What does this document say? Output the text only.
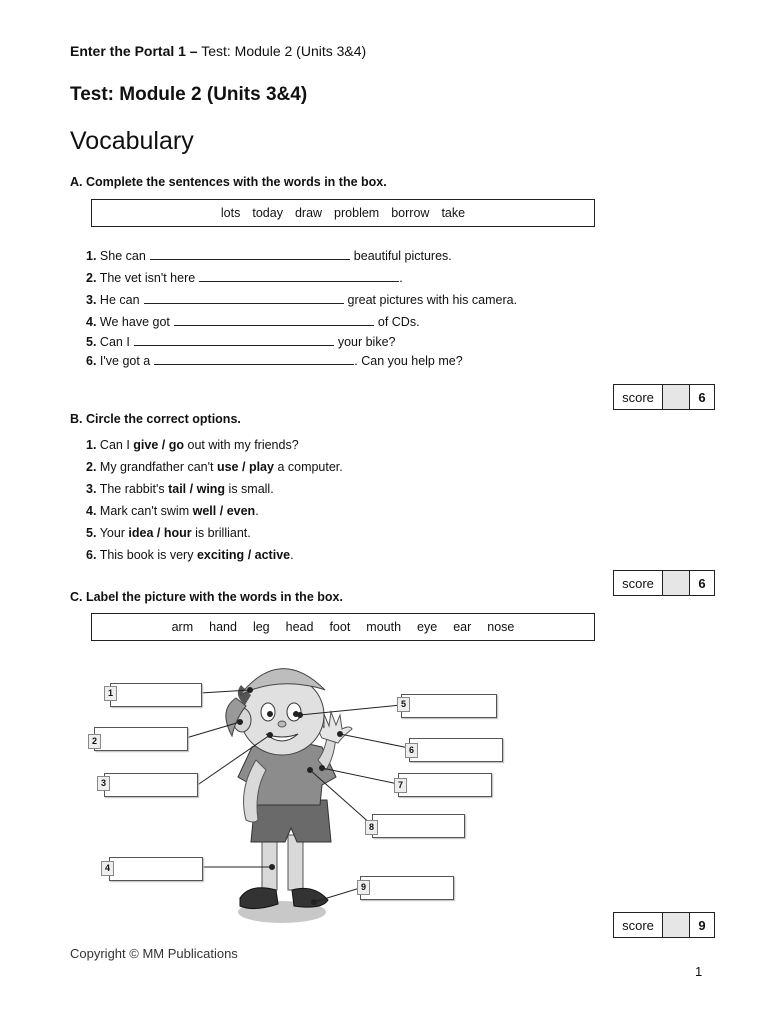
Enter the Portal 1 – Test: Module 2 (Units 3&4)
Test: Module 2 (Units 3&4)
Vocabulary
A. Complete the sentences with the words in the box.
lots today draw problem borrow take
1. She can	beautiful pictures.
2. The vet isn't here	.
3. He can	great pictures with his camera.
4. We have got	of CDs.
5. Can I	your bike?
6. I've got a	. Can you help me?
score	6
B. Circle the correct options.
1. Can I give / go out with my friends?
2. My grandfather can't use / play a computer.
3. The rabbit's tail / wing is small.
4. Mark can't swim well / even.
5. Your idea / hour is brilliant.
6. This book is very exciting / active.
score	6
C. Label the picture with the words in the box.
arm hand leg head foot mouth eye ear nose
1
2
3
4
5
6
7
8
9
score	9
Copyright © MM Publications
1
